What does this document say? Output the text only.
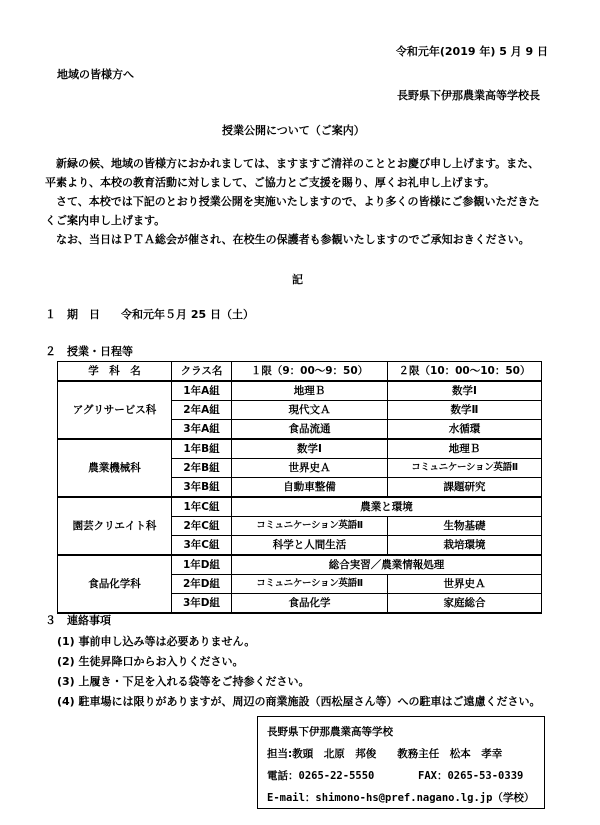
令和元年(2019 年) 5 月 9 日
地域の皆様方へ
長野県下伊那農業高等学校長
授業公開について（ご案内）

新緑の候、地域の皆様方におかれましては、ますますご清祥のこととお慶び申し上げます。また、

平素より、本校の教育活動に対しまして、ご協力とご支援を賜り、厚くお礼申し上げます。

さて、本校では下記のとおり授業公開を実施いたしますので、より多くの皆様にご参観いただきた

くご案内申し上げます。

なお、当日はＰＴＡ総会が催され、在校生の保護者も参観いたしますのでご承知おきください。

記
１　期　日 令和元年５月 25 日（土）
２　授業・日程等
学　科　名	クラス名	１限（9：00～9：50）	２限（10：00～10：50）
アグリサービス科	1年A組	地理Ｂ	数学Ⅰ
	2年A組	現代文Ａ	数学Ⅱ
	3年A組	食品流通	水循環
農業機械科	1年B組	数学Ⅰ	地理Ｂ
	2年B組	世界史Ａ	コミュニケーション英語Ⅱ
	3年B組	自動車整備	課題研究
園芸クリエイト科	1年C組	農業と環境	
	2年C組	コミュニケーション英語Ⅱ	生物基礎
	3年C組	科学と人間生活	栽培環境
食品化学科	1年D組	総合実習／農業情報処理	
	2年D組	コミュニケーション英語Ⅱ	世界史Ａ
	3年D組	食品化学	家庭総合
３　連絡事項
(1) 事前申し込み等は必要ありません。
(2) 生徒昇降口からお入りください。
(3) 上履き・下足を入れる袋等をご持参ください。
(4) 駐車場には限りがありますが、周辺の商業施設（西松屋さん等）への駐車はご遠慮ください。
長野県下伊那農業高等学校
担当:教頭　北原　邦俊　　教務主任　松本　孝幸
電話：0265-22-5550	FAX：0265-53-0339
E-mail：shimono-hs@pref.nagano.lg.jp（学校）
